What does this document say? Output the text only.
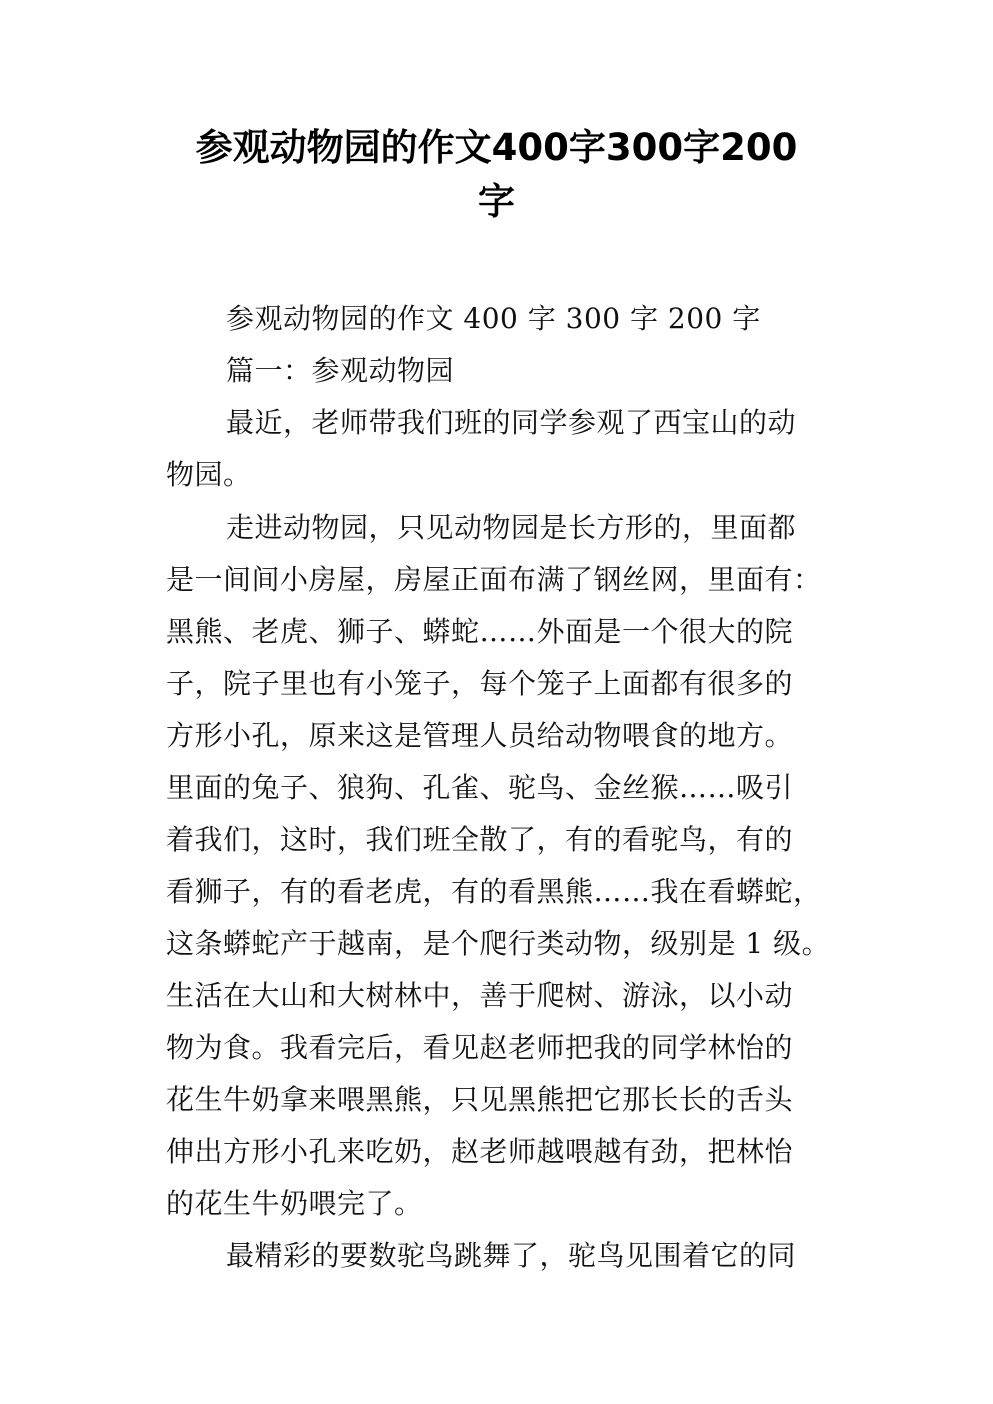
参观动物园的作文400字300字200
字
参观动物园的作文 400 字 300 字 200 字
篇一：参观动物园
最近，老师带我们班的同学参观了西宝山的动
物园。
走进动物园，只见动物园是长方形的，里面都
是一间间小房屋，房屋正面布满了钢丝网，里面有：
黑熊、老虎、狮子、蟒蛇……外面是一个很大的院
子，院子里也有小笼子，每个笼子上面都有很多的
方形小孔，原来这是管理人员给动物喂食的地方。
里面的兔子、狼狗、孔雀、驼鸟、金丝猴……吸引
着我们，这时，我们班全散了，有的看驼鸟，有的
看狮子，有的看老虎，有的看黑熊……我在看蟒蛇，
这条蟒蛇产于越南，是个爬行类动物，级别是 1 级。
生活在大山和大树林中，善于爬树、游泳，以小动
物为食。我看完后，看见赵老师把我的同学林怡的
花生牛奶拿来喂黑熊，只见黑熊把它那长长的舌头
伸出方形小孔来吃奶，赵老师越喂越有劲，把林怡
的花生牛奶喂完了。
最精彩的要数驼鸟跳舞了，驼鸟见围着它的同
